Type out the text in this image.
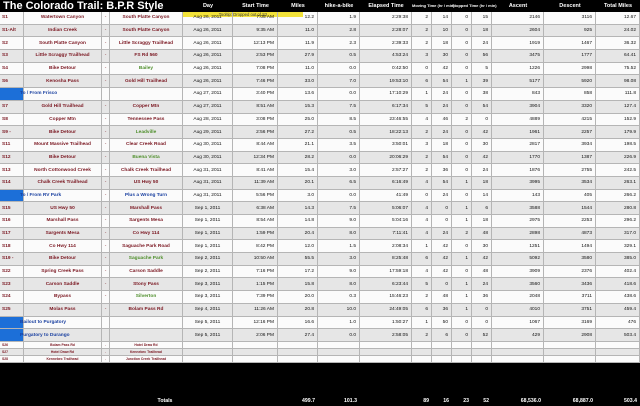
The Colorado Trail: B.P.R Style	Day	Start Time	Miles	hike-a-bike	Elapsed Time	Moving Time (hr / min)
Stopped Time (hr / min)	Ascent	Descent	Total Miles
Tooltip: Dropped out of S2
S1	Watertown Canyon	-	South Platte Canyon	Aug 26, 2011	7:05 AM	12.2	1.9	2:29:38	2	14	0	15	2146	3116	12.67
S1-Alt	Indian Creek	-	South Platte Canyon	Aug 26, 2011	9:35 AM	11.0	2.8	2:28:07	2	10	0	18	2604	925	24.02
S2	South Platte Canyon	-	Little Scraggy Trailhead	Aug 26, 2011	12:13 PM	11.9	2.3	2:39:33	2	18	0	24	1919	1467	36.32
S3	Little Scraggy Trailhead	-	FS Rd 560	Aug 26, 2011	2:53 PM	27.9	0.5	4:53:24	3	30	0	56	3475	1777	64.41
S4	Bike Detour	-	Bailey	Aug 26, 2011	7:08 PM	11.0	0.0	0:42:50	0	42	0	5	1226	2998	75.52
S6	Kenosha Pass	-	Gold Hill Trailhead	Aug 26, 2011	7:46 PM	33.0	7.0	19:53:10	6	54	1	39	5177	5920	98.08
To / From Frisco	Aug 27, 2011	3:40 PM	13.6	0.0	17:10:29	1	24	0	38	843	858	111.8
S7	Gold Hill Trailhead	-	Copper Mtn	Aug 27, 2011	8:51 AM	15.3	7.5	6:17:34	5	24	0	54	3904	3320	127.4
S8	Copper Mtn	-	Tennessee Pass	Aug 28, 2011	3:08 PM	25.0	8.5	23:46:55	4	46	2	0	4889	4215	152.9
S9 -	Bike Detour	-	Leadville	Aug 29, 2011	2:56 PM	27.2	0.5	18:22:13	2	24	0	42	1961	2257	179.9
S11	Mount Massive Trailhead	-	Clear Creek Road	Aug 30, 2011	8:44 AM	21.1	3.5	3:50:01	3	18	0	30	2817	3934	198.5
S12	Bike Detour	-	Buena Vista	Aug 30, 2011	12:34 PM	28.2	0.0	20:06:29	2	54	0	42	1770	1387	226.9
S13	North Cottonwood Creek	-	Chalk Creek Trailhead	Aug 31, 2011	8:41 AM	15.4	3.0	2:57:27	2	36	0	24	1876	2755	242.5
S14	Chalk Creek Trailhead	-	US Hwy 50	Aug 31, 2011	11:39 AM	20.1	6.5	6:16:49	4	54	1	18	3995	3534	263.1
To / From RV Park	-	Plus a Wrong Turn	Aug 31, 2011	5:56 PM	3.0	0.0	41:49	0	24	0	14	143	405	266.2
S15	US Hwy 50	-	Marshall Pass	Sep 1, 2011	6:38 AM	14.3	7.5	5:06:07	4	0	1	6	3588	1544	280.8
S16	Marshall Pass	-	Sargents Mesa	Sep 1, 2011	8:54 AM	14.8	9.0	5:04:16	4	0	1	18	2975	2253	296.2
S17	Sargents Mesa	-	Co Hwy 114	Sep 1, 2011	1:59 PM	20.4	8.0	7:11:41	4	24	2	48	2898	4873	317.0
S18	Co Hwy 114	-	Saguache Park Road	Sep 1, 2011	8:42 PM	12.0	1.5	2:08:34	1	42	0	30	1251	1494	329.1
S19 -	Bike Detour	-	Saguache Park	Sep 2, 2011	10:50 AM	55.5	3.0	8:25:48	6	42	1	42	5092	3580	385.0
S22	Spring Creek Pass	-	Carson Saddle	Sep 2, 2011	7:16 PM	17.2	9.0	17:59:18	4	42	0	48	3909	2376	402.4
S23	Carson Saddle	-	Stony Pass	Sep 3, 2011	1:15 PM	15.8	8.0	6:23:44	5	0	1	24	3560	3436	418.6
S24	Bypass	-	Silverton	Sep 3, 2011	7:39 PM	20.0	0.3	15:46:23	2	48	1	36	2048	3711	438.6
S25	Molas Pass	-	Bolam Pass Rd	Sep 4, 2011	11:26 AM	20.8	10.0	24:49:05	6	36	1	0	4010	3751	459.4
Bailout to Purgatory	Sep 5, 2011	12:16 PM	16.6	1.0	1:50:27	1	50	0	0	1067	3169	476
Purgatory to Durango	Sep 5, 2011	2:06 PM	27.4	0.0	2:58:05	2	6	0	52	429	2908	503.4
S26	Bolam Pass Rd	-	Hotel Draw Rd
S27	Hotel Draw Rd	-	Kennebec Trailhead
S28	Kennebec Trailhead	-	Junction Creek Trailhead
Totals	499.7	101.3	89	16	23	52	68,536.0	68,887.0	503.4
